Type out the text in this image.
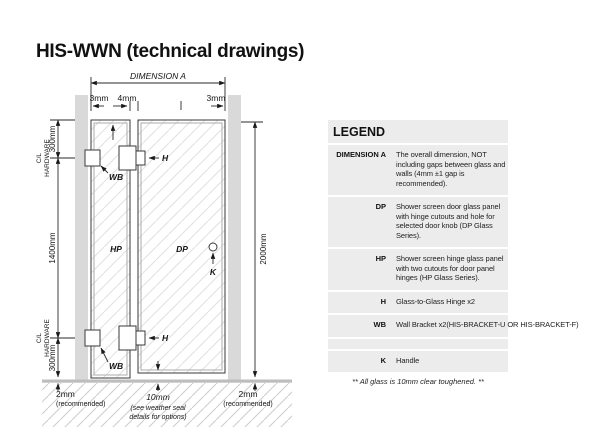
HIS-WWN (technical drawings)
DIMENSION A
3mm 4mm	3mm
300mm
1400mm
300mm
C/L HARDWARE
C/L HARDWARE
2000mm
H
H
WB
WB
HP	DP
K
2mm
(recommended)
10mm
(see weather seal
details for options)
2mm
(recommended)
LEGEND
DIMENSION A	The overall dimension, NOT including gaps between glass and walls (4mm ±1 gap is recommended).
DP	Shower screen door glass panel with hinge cutouts and hole for selected door knob (DP Glass Series).
HP	Shower screen hinge glass panel with two cutouts for door panel hinges (HP Glass Series).
H	Glass-to-Glass Hinge x2
WB	Wall Bracket x2(HIS-BRACKET-U OR HIS-BRACKET-F)
K	Handle
** All glass is 10mm clear toughened. **
